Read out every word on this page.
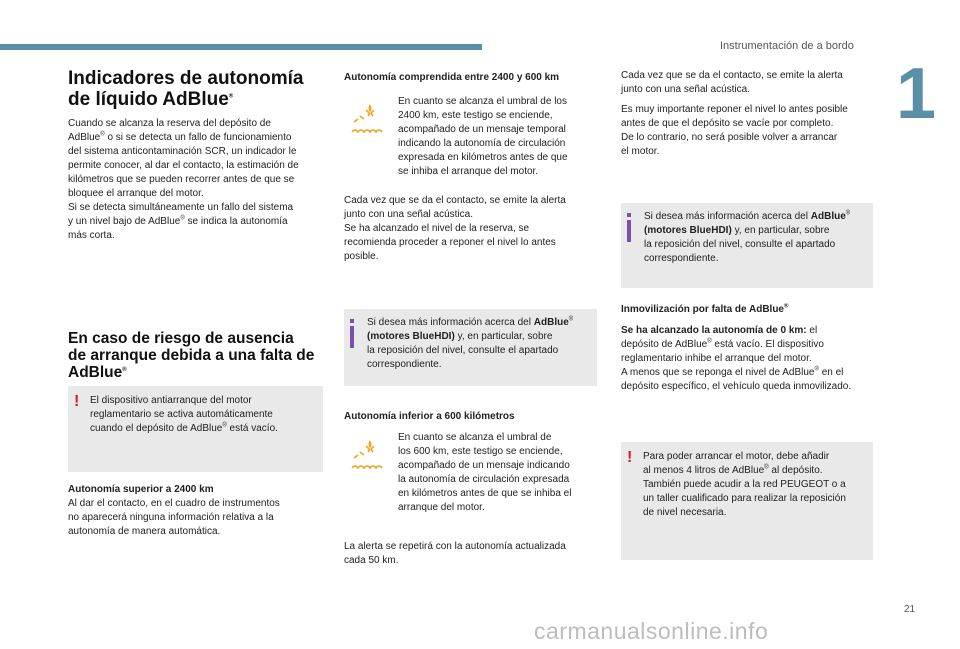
Instrumentación de a bordo
1
Indicadores de autonomía
de líquido AdBlue®
Cuando se alcanza la reserva del depósito de
AdBlue® o si se detecta un fallo de funcionamiento
del sistema anticontaminación SCR, un indicador le
permite conocer, al dar el contacto, la estimación de
kilómetros que se pueden recorrer antes de que se
bloquee el arranque del motor.
Si se detecta simultáneamente un fallo del sistema
y un nivel bajo de AdBlue® se indica la autonomía
más corta.
En caso de riesgo de ausencia
de arranque debida a una falta de
AdBlue®
! El dispositivo antiarranque del motor
reglamentario se activa automáticamente
cuando el depósito de AdBlue® está vacío.
Autonomía superior a 2400 km
Al dar el contacto, en el cuadro de instrumentos
no aparecerá ninguna información relativa a la
autonomía de manera automática.
Autonomía comprendida entre 2400 y 600 km
En cuanto se alcanza el umbral de los
2400 km, este testigo se enciende,
acompañado de un mensaje temporal
indicando la autonomía de circulación
expresada en kilómetros antes de que
se inhiba el arranque del motor.
Cada vez que se da el contacto, se emite la alerta
junto con una señal acústica.
Se ha alcanzado el nivel de la reserva, se
recomienda proceder a reponer el nivel lo antes
posible.
Si desea más información acerca del AdBlue®
(motores BlueHDI) y, en particular, sobre
la reposición del nivel, consulte el apartado
correspondiente.
Autonomía inferior a 600 kilómetros
En cuanto se alcanza el umbral de
los 600 km, este testigo se enciende,
acompañado de un mensaje indicando
la autonomía de circulación expresada
en kilómetros antes de que se inhiba el
arranque del motor.
La alerta se repetirá con la autonomía actualizada
cada 50 km.
Cada vez que se da el contacto, se emite la alerta
junto con una señal acústica.

Es muy importante reponer el nivel lo antes posible
antes de que el depósito se vacíe por completo.
De lo contrario, no será posible volver a arrancar
el motor.
Si desea más información acerca del AdBlue®
(motores BlueHDI) y, en particular, sobre
la reposición del nivel, consulte el apartado
correspondiente.
Inmovilización por falta de AdBlue®
Se ha alcanzado la autonomía de 0 km: el
depósito de AdBlue® está vacío. El dispositivo
reglamentario inhibe el arranque del motor.
A menos que se reponga el nivel de AdBlue® en el
depósito específico, el vehículo queda inmovilizado.
! Para poder arrancar el motor, debe añadir
al menos 4 litros de AdBlue® al depósito.
También puede acudir a la red PEUGEOT o a
un taller cualificado para realizar la reposición
de nivel necesaria.
21
carmanualsonline.info
